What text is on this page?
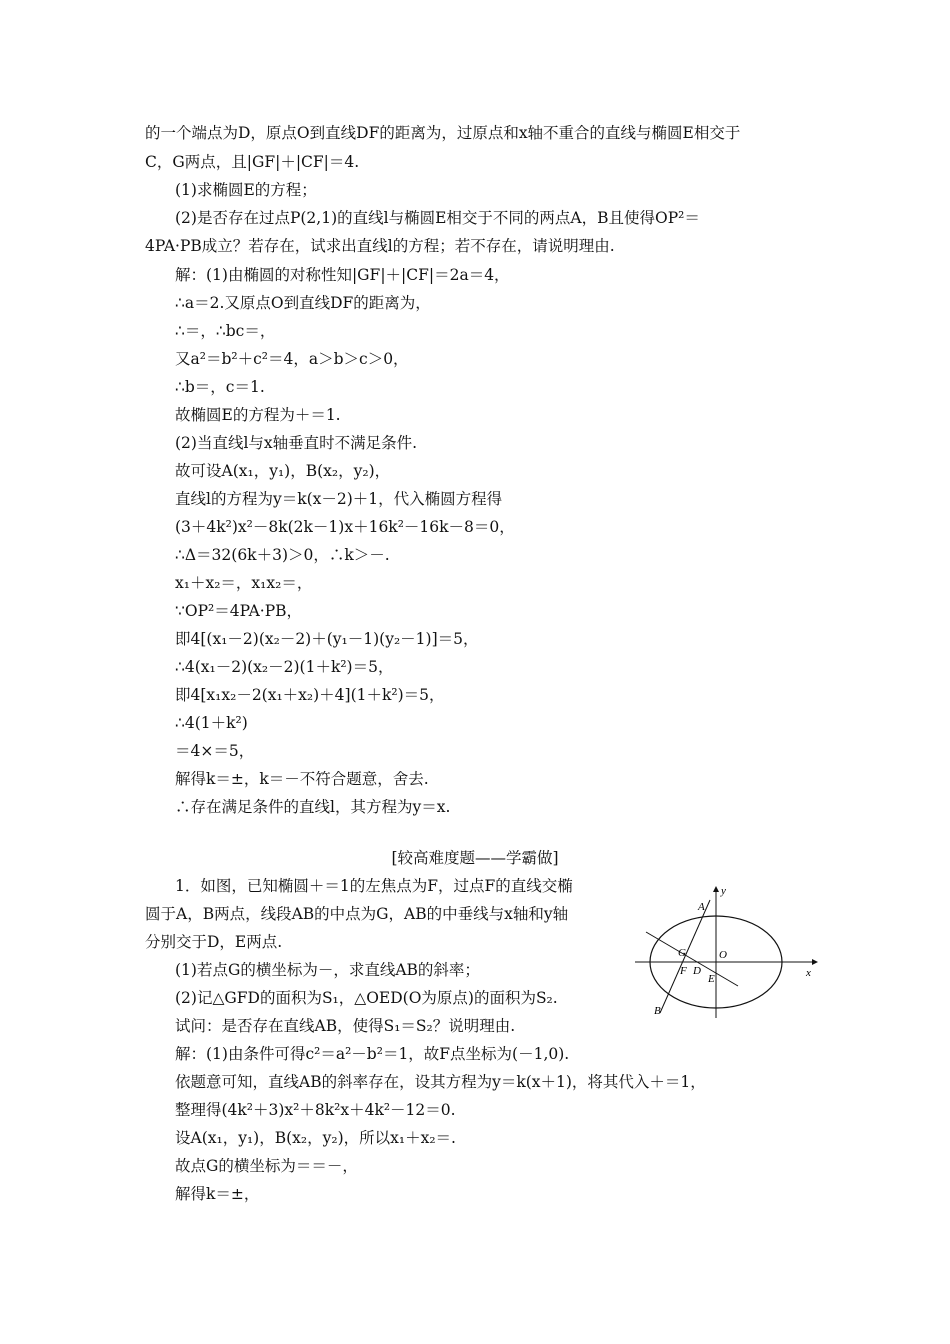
的一个端点为D，原点O到直线DF的距离为，过原点和x轴不重合的直线与椭圆E相交于
C，G两点，且|GF|＋|CF|＝4.
(1)求椭圆E的方程；
(2)是否存在过点P(2,1)的直线l与椭圆E相交于不同的两点A，B且使得OP²＝
4PA·PB成立？若存在，试求出直线l的方程；若不存在，请说明理由.
解：(1)由椭圆的对称性知|GF|＋|CF|＝2a＝4，
∴a＝2.又原点O到直线DF的距离为，
∴＝，∴bc＝，
又a²＝b²＋c²＝4，a＞b＞c＞0，
∴b＝，c＝1.
故椭圆E的方程为＋＝1.
(2)当直线l与x轴垂直时不满足条件.
故可设A(x₁，y₁)，B(x₂，y₂)，
直线l的方程为y＝k(x－2)＋1，代入椭圆方程得
(3＋4k²)x²－8k(2k－1)x＋16k²－16k－8＝0，
∴Δ＝32(6k＋3)＞0，∴k＞－.
x₁＋x₂＝，x₁x₂＝，
∵OP²＝4PA·PB，
即4[(x₁－2)(x₂－2)＋(y₁－1)(y₂－1)]＝5，
∴4(x₁－2)(x₂－2)(1＋k²)＝5，
即4[x₁x₂－2(x₁＋x₂)＋4](1＋k²)＝5，
∴4(1＋k²)
＝4×＝5，
解得k＝±，k＝－不符合题意，舍去.
∴存在满足条件的直线l，其方程为y＝x.
[较高难度题——学霸做]
1．如图，已知椭圆＋＝1的左焦点为F，过点F的直线交椭
圆于A，B两点，线段AB的中点为G，AB的中垂线与x轴和y轴
分别交于D，E两点.
(1)若点G的横坐标为－，求直线AB的斜率；
(2)记△GFD的面积为S₁，△OED(O为原点)的面积为S₂.
试问：是否存在直线AB，使得S₁＝S₂？说明理由.
解：(1)由条件可得c²＝a²－b²＝1，故F点坐标为(－1,0).
依题意可知，直线AB的斜率存在，设其方程为y＝k(x＋1)，将其代入＋＝1，
整理得(4k²＋3)x²＋8k²x＋4k²－12＝0.
设A(x₁，y₁)，B(x₂，y₂)，所以x₁＋x₂＝.
故点G的横坐标为＝＝－，
解得k＝±，
y
x
A
G	O
F D
E
B
